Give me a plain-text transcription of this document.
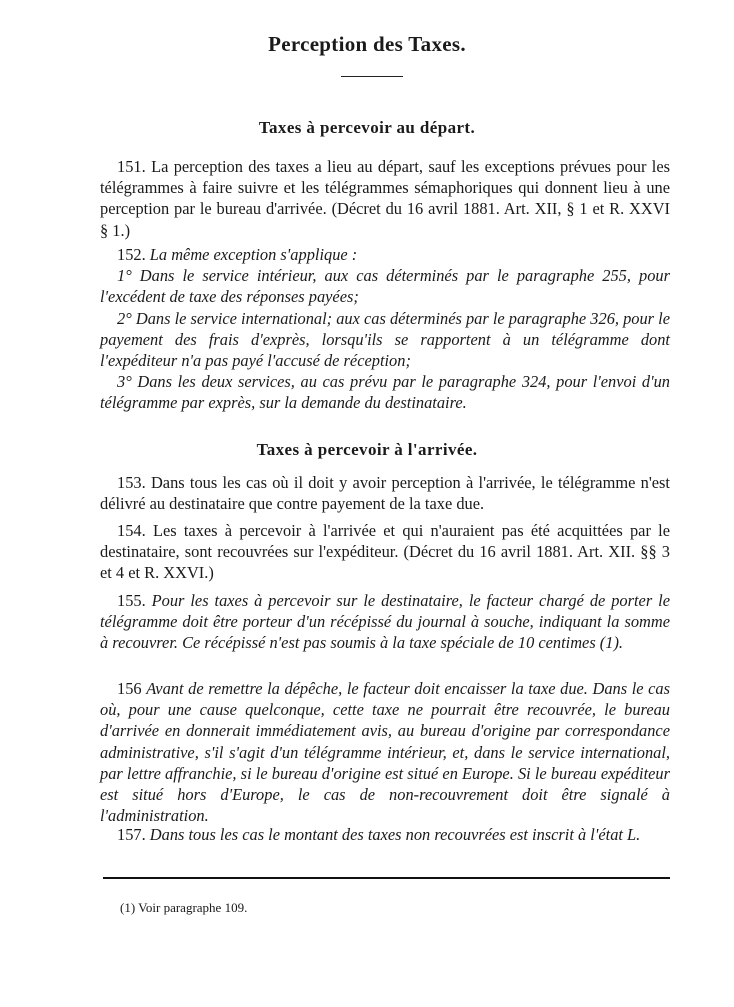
Perception des Taxes.
Taxes à percevoir au départ.

151. La perception des taxes a lieu au départ, sauf les exceptions prévues pour les télégrammes à faire suivre et les télégrammes sémaphoriques qui donnent lieu à une perception par le bureau d'arrivée. (Décret du 16 avril 1881. Art. XII, § 1 et R. XXVI § 1.)

152. La même exception s'applique :
1° Dans le service intérieur, aux cas déterminés par le paragraphe 255, pour l'excédent de taxe des réponses payées;
2° Dans le service international; aux cas déterminés par le paragraphe 326, pour le payement des frais d'exprès, lorsqu'ils se rapportent à un télégramme dont l'expéditeur n'a pas payé l'accusé de réception;
3° Dans les deux services, au cas prévu par le paragraphe 324, pour l'envoi d'un télégramme par exprès, sur la demande du destinataire.

Taxes à percevoir à l'arrivée.

153. Dans tous les cas où il doit y avoir perception à l'arrivée, le télégramme n'est délivré au destinataire que contre payement de la taxe due.

154. Les taxes à percevoir à l'arrivée et qui n'auraient pas été acquittées par le destinataire, sont recouvrées sur l'expéditeur. (Décret du 16 avril 1881. Art. XII. §§ 3 et 4 et R. XXVI.)

155. Pour les taxes à percevoir sur le destinataire, le facteur chargé de porter le télégramme doit être porteur d'un récépissé du journal à souche, indiquant la somme à recouvrer. Ce récépissé n'est pas soumis à la taxe spéciale de 10 centimes (1).

156 Avant de remettre la dépêche, le facteur doit encaisser la taxe due. Dans le cas où, pour une cause quelconque, cette taxe ne pourrait être recouvrée, le bureau d'arrivée en donnerait immédiatement avis, au bureau d'origine par correspondance administrative, s'il s'agit d'un télégramme intérieur, et, dans le service international, par lettre affranchie, si le bureau d'origine est situé en Europe. Si le bureau expéditeur est situé hors d'Europe, le cas de non-recouvrement doit être signalé à l'administration.

157. Dans tous les cas le montant des taxes non recouvrées est inscrit à l'état L.

(1) Voir paragraphe 109.
